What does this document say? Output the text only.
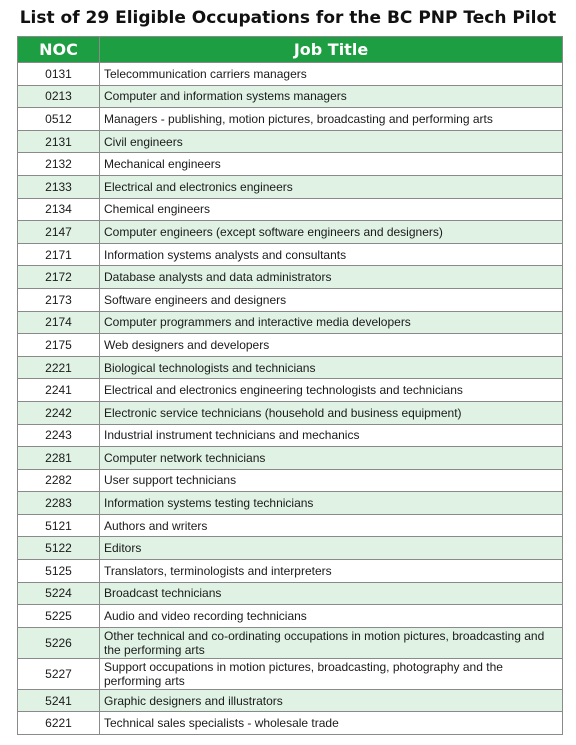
List of 29 Eligible Occupations for the BC PNP Tech Pilot
NOC	Job Title
0131	Telecommunication carriers managers
0213	Computer and information systems managers
0512	Managers - publishing, motion pictures, broadcasting and performing arts
2131	Civil engineers
2132	Mechanical engineers
2133	Electrical and electronics engineers
2134	Chemical engineers
2147	Computer engineers (except software engineers and designers)
2171	Information systems analysts and consultants
2172	Database analysts and data administrators
2173	Software engineers and designers
2174	Computer programmers and interactive media developers
2175	Web designers and developers
2221	Biological technologists and technicians
2241	Electrical and electronics engineering technologists and technicians
2242	Electronic service technicians (household and business equipment)
2243	Industrial instrument technicians and mechanics
2281	Computer network technicians
2282	User support technicians
2283	Information systems testing technicians
5121	Authors and writers
5122	Editors
5125	Translators, terminologists and interpreters
5224	Broadcast technicians
5225	Audio and video recording technicians
5226	Other technical and co-ordinating occupations in motion pictures, broadcasting and the performing arts
5227	Support occupations in motion pictures, broadcasting, photography and the performing arts
5241	Graphic designers and illustrators
6221	Technical sales specialists - wholesale trade
